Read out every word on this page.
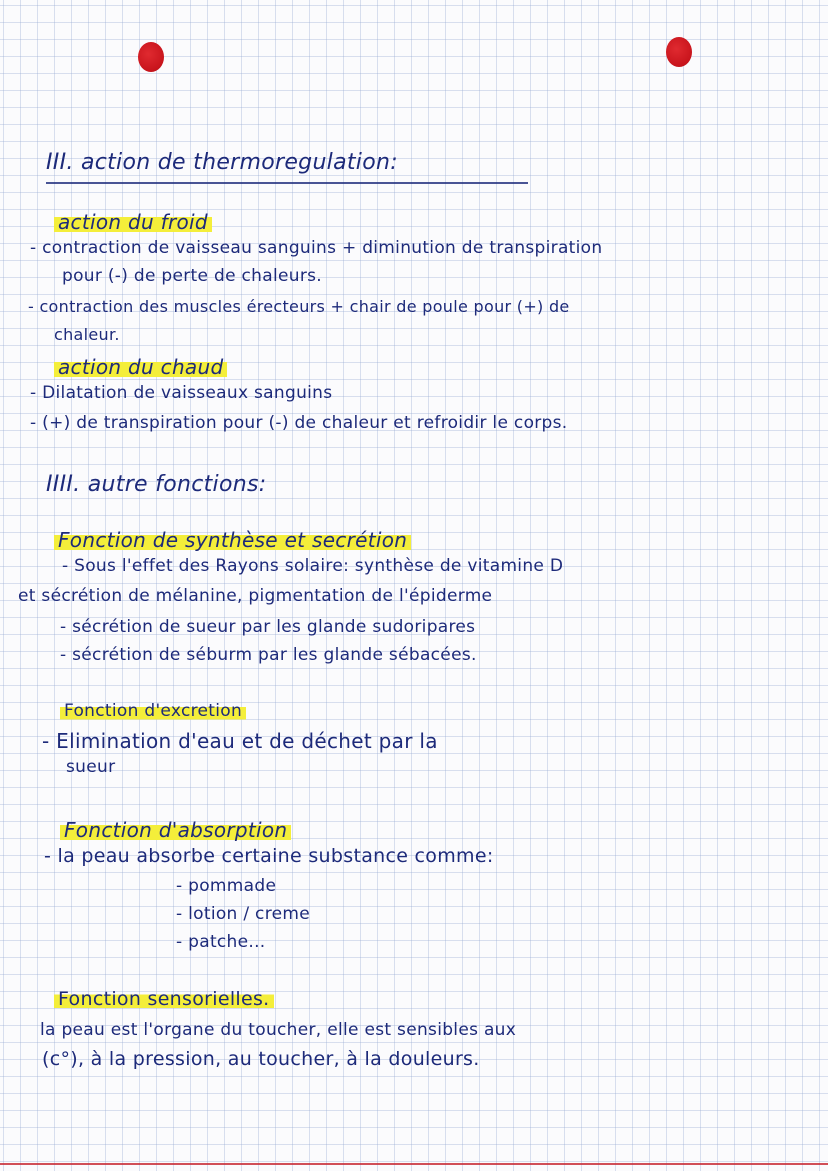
III. action de thermoregulation:
action du froid
- contraction de vaisseau sanguins + diminution de transpiration
pour (-) de perte de chaleurs.
- contraction des muscles érecteurs + chair de poule pour (+) de
chaleur.
action du chaud
- Dilatation de vaisseaux sanguins
- (+) de transpiration pour (-) de chaleur et refroidir le corps.
IIII. autre fonctions:
Fonction de synthèse et secrétion
- Sous l'effet des Rayons solaire: synthèse de vitamine D
et sécrétion de mélanine, pigmentation de l'épiderme
- sécrétion de sueur par les glande sudoripares
- sécrétion de séburm par les glande sébacées.
Fonction d'excretion
- Elimination d'eau et de déchet par la
sueur
Fonction d'absorption
- la peau absorbe certaine substance comme:
- pommade
- lotion / creme
- patche...
Fonction sensorielles.
la peau est l'organe du toucher, elle est sensibles aux
(c°), à la pression, au toucher, à la douleurs.
